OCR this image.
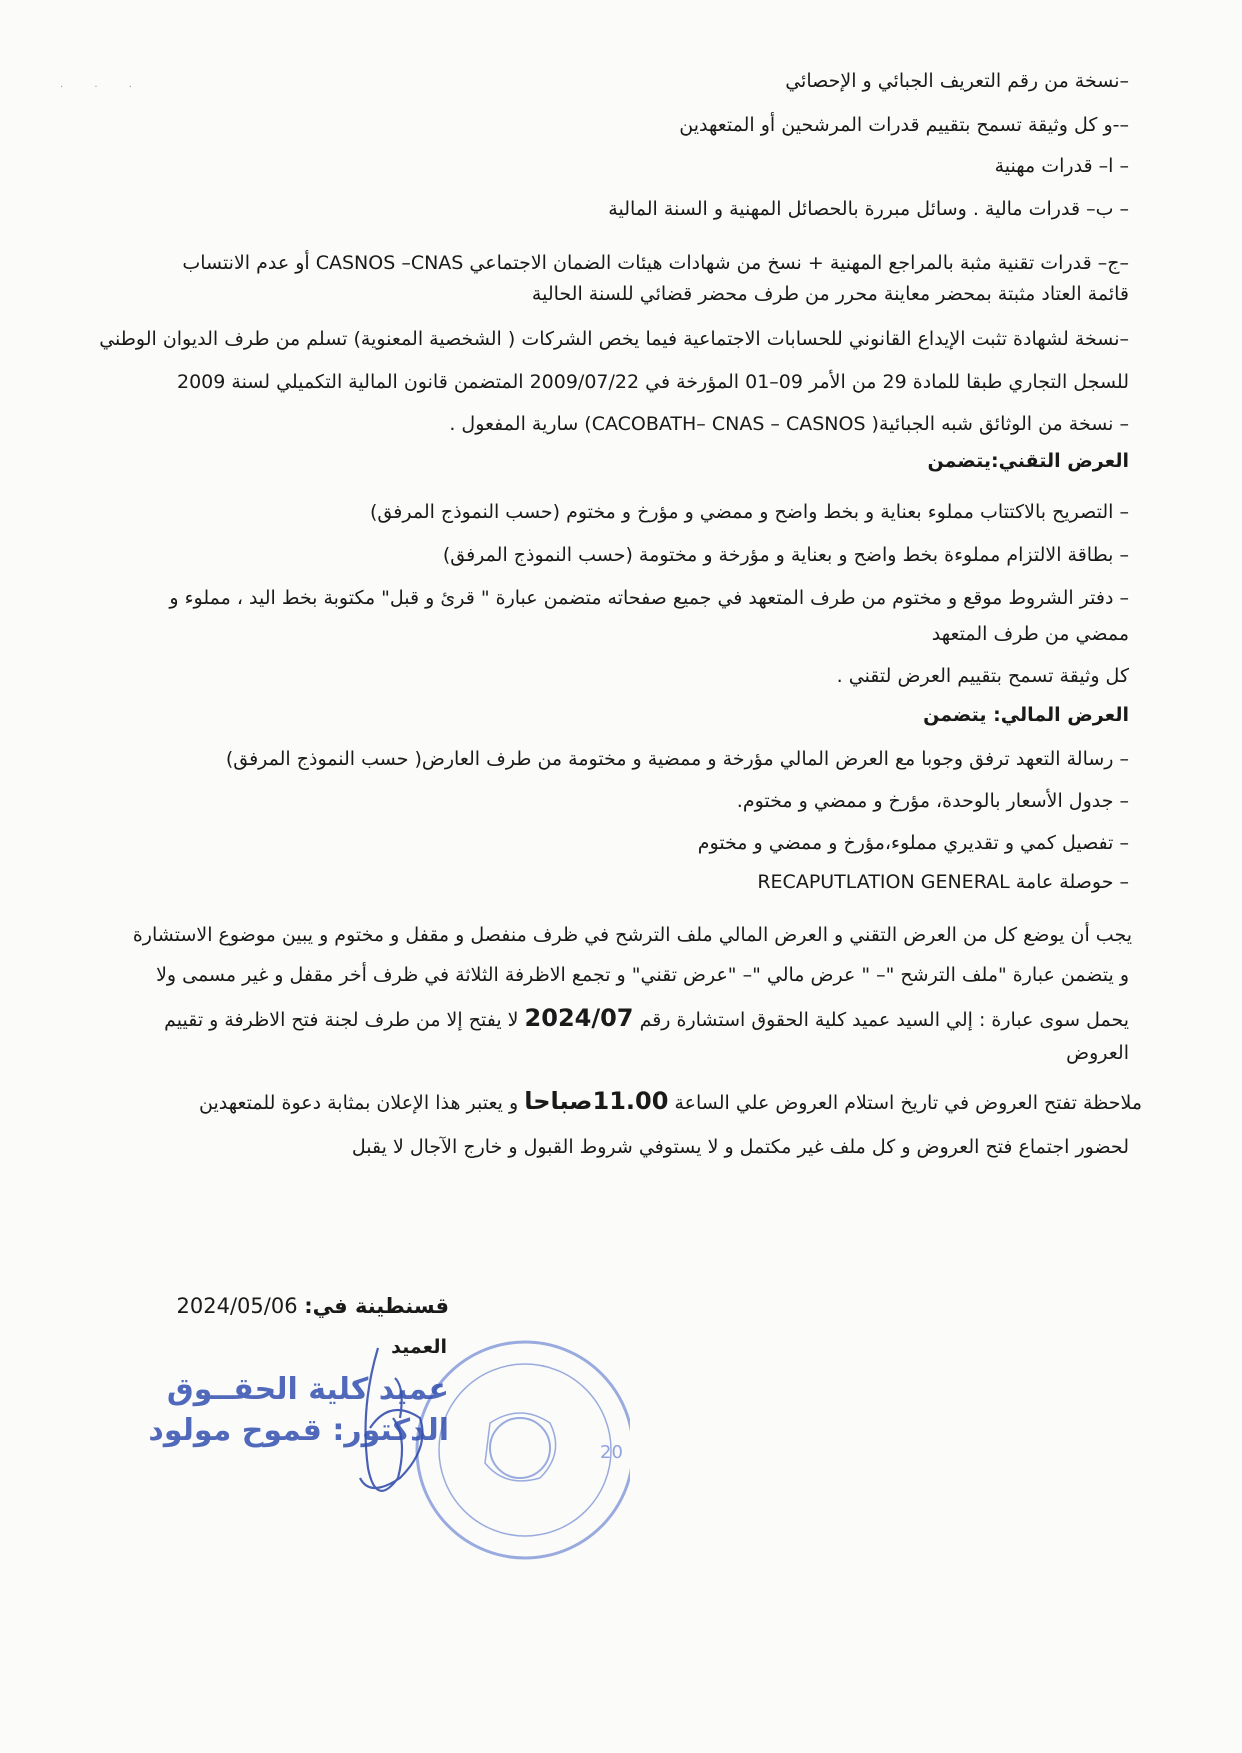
· · ·	–نسخة من رقم التعريف الجبائي و الإحصائي
–-و كل وثيقة تسمح بتقييم قدرات المرشحين أو المتعهدين
– ا– قدرات مهنية
– ب– قدرات مالية . وسائل مبررة بالحصائل المهنية و السنة المالية
–ج– قدرات تقنية مثبة بالمراجع المهنية + نسخ من شهادات هيئات الضمان الاجتماعي CASNOS –CNAS أو عدم الانتساب
قائمة العتاد مثبتة بمحضر معاينة محرر من طرف محضر قضائي للسنة الحالية
–نسخة لشهادة تثبت الإيداع القانوني للحسابات الاجتماعية فيما يخص الشركات ( الشخصية المعنوية) تسلم من طرف الديوان الوطني
للسجل التجاري طبقا للمادة 29 من الأمر 09–01 المؤرخة في 2009/07/22 المتضمن قانون المالية التكميلي لسنة 2009
– نسخة من الوثائق شبه الجبائية( CACOBATH– CNAS – CASNOS) سارية المفعول .
العرض التقني:يتضمن
– التصريح بالاكتتاب مملوء بعناية و بخط واضح و ممضي و مؤرخ و مختوم (حسب النموذج المرفق)
– بطاقة الالتزام مملوءة بخط واضح و بعناية و مؤرخة و مختومة (حسب النموذج المرفق)
– دفتر الشروط موقع و مختوم من طرف المتعهد في جميع صفحاته متضمن عبارة " قرئ و قبل" مكتوبة بخط اليد ، مملوء و
ممضي من طرف المتعهد
كل وثيقة تسمح بتقييم العرض لتقني .
العرض المالي: يتضمن
– رسالة التعهد ترفق وجوبا مع العرض المالي مؤرخة و ممضية و مختومة من طرف العارض( حسب النموذج المرفق)
– جدول الأسعار بالوحدة، مؤرخ و ممضي و مختوم.
– تفصيل كمي و تقديري مملوء،مؤرخ و ممضي و مختوم
– حوصلة عامة RECAPUTLATION GENERAL
يجب أن يوضع كل من العرض التقني و العرض المالي ملف الترشح في ظرف منفصل و مقفل و مختوم و يبين موضوع الاستشارة
و يتضمن عبارة "ملف الترشح "– " عرض مالي "– "عرض تقني" و تجمع الاظرفة الثلاثة في ظرف أخر مقفل و غير مسمى ولا
يحمل سوى عبارة : إلي السيد عميد كلية الحقوق استشارة رقم 2024/07 لا يفتح إلا من طرف لجنة فتح الاظرفة و تقييم
العروض
ملاحظة تفتح العروض في تاريخ استلام العروض علي الساعة 11.00صباحا و يعتبر هذا الإعلان بمثابة دعوة للمتعهدين
لحضور اجتماع فتح العروض و كل ملف غير مكتمل و لا يستوفي شروط القبول و خارج الآجال لا يقبل
قسنطينة في: 2024/05/06
العميد
20
عميد كلية الحقــوق
الدكتور: قموح مولود
